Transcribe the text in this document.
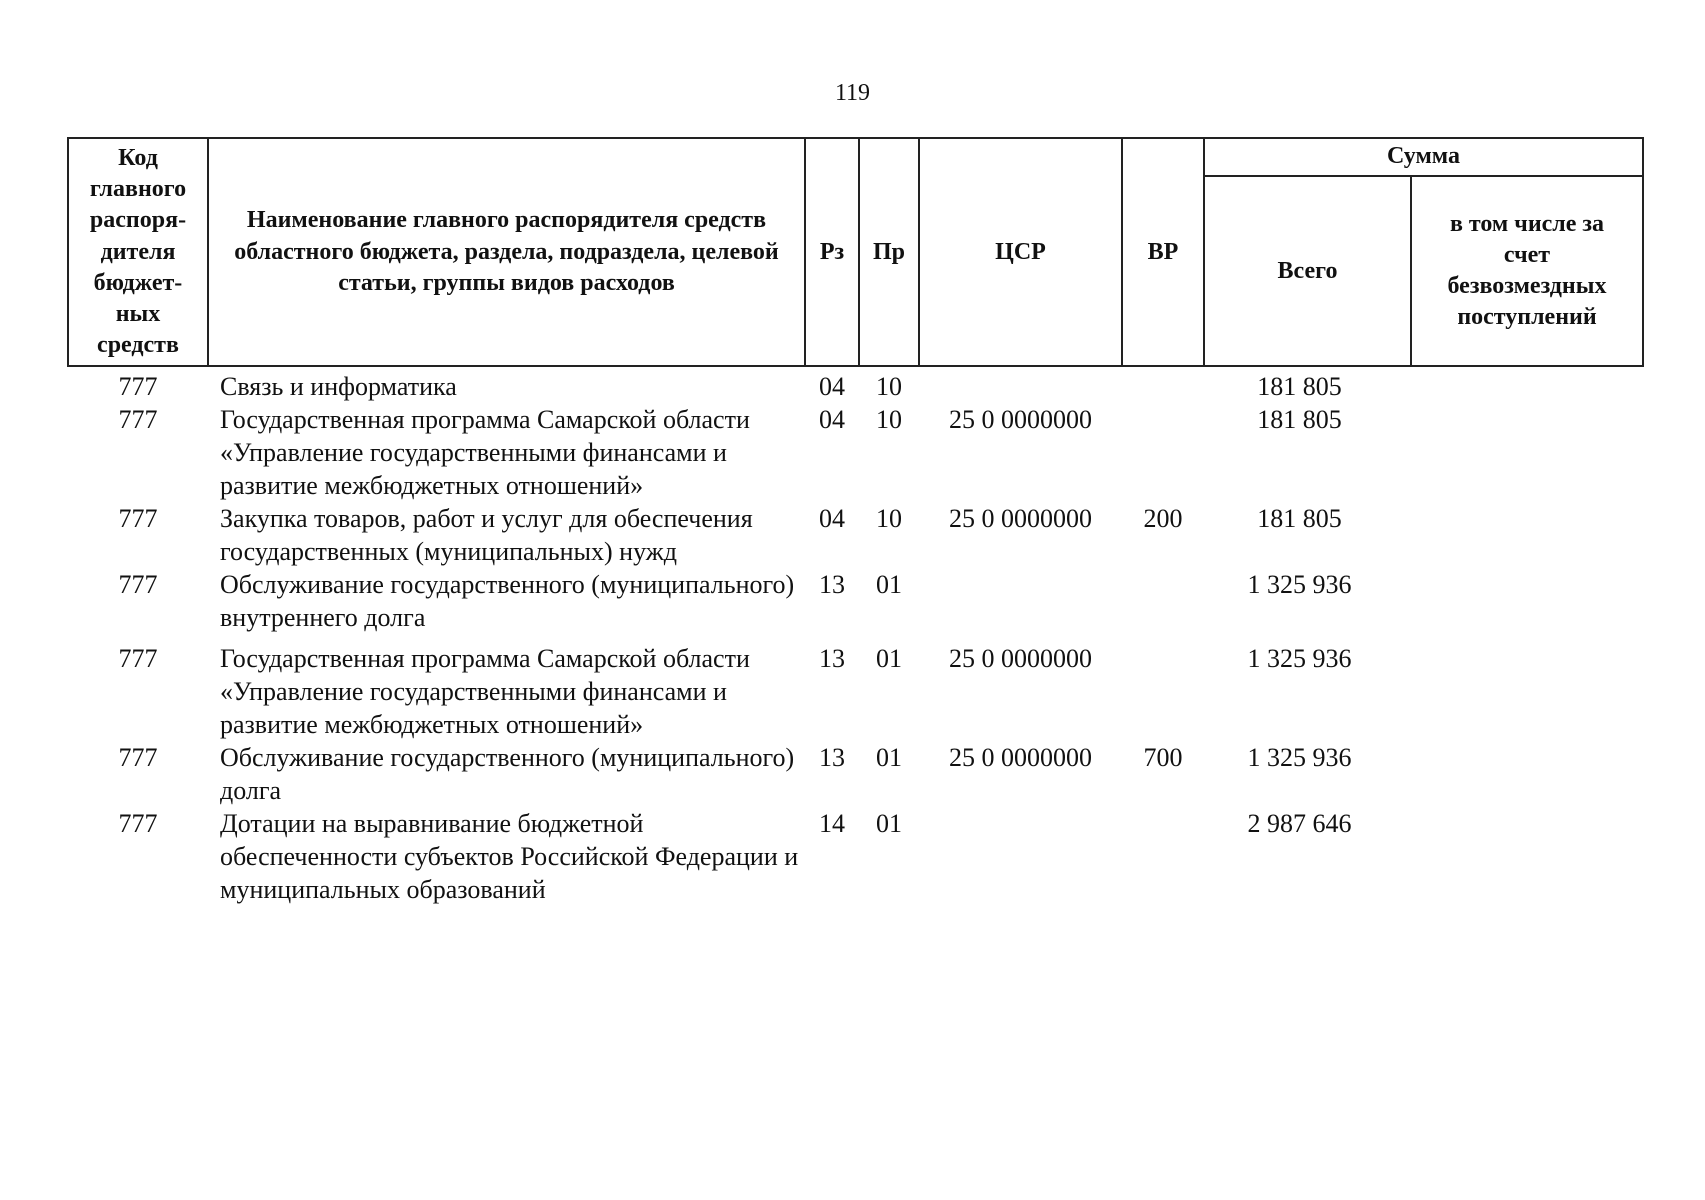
119
Код главного распоря-дителя бюджет-ных средств	Наименование главного распорядителя средств областного бюджета, раздела, подраздела, целевой статьи, группы видов расходов	Рз	Пр	ЦСР	ВР	Сумма	
						Всего	в том числе за счет безвозмездных поступлений
777	Связь и информатика	04	10			181 805	
777	Государственная программа Самарской области «Управление государственными финансами и развитие межбюджетных отношений»	04	10	25 0 0000000		181 805	
777	Закупка товаров, работ и услуг для обеспечения государственных (муниципальных) нужд	04	10	25 0 0000000	200	181 805	
777	Обслуживание государственного (муниципального) внутреннего долга	13	01			1 325 936	
777	Государственная программа Самарской области «Управление государственными финансами и развитие межбюджетных отношений»	13	01	25 0 0000000		1 325 936	
777	Обслуживание государственного (муниципального) долга	13	01	25 0 0000000	700	1 325 936	
777	Дотации на выравнивание бюджетной обеспеченности субъектов Российской Федерации и муниципальных образований	14	01			2 987 646	
